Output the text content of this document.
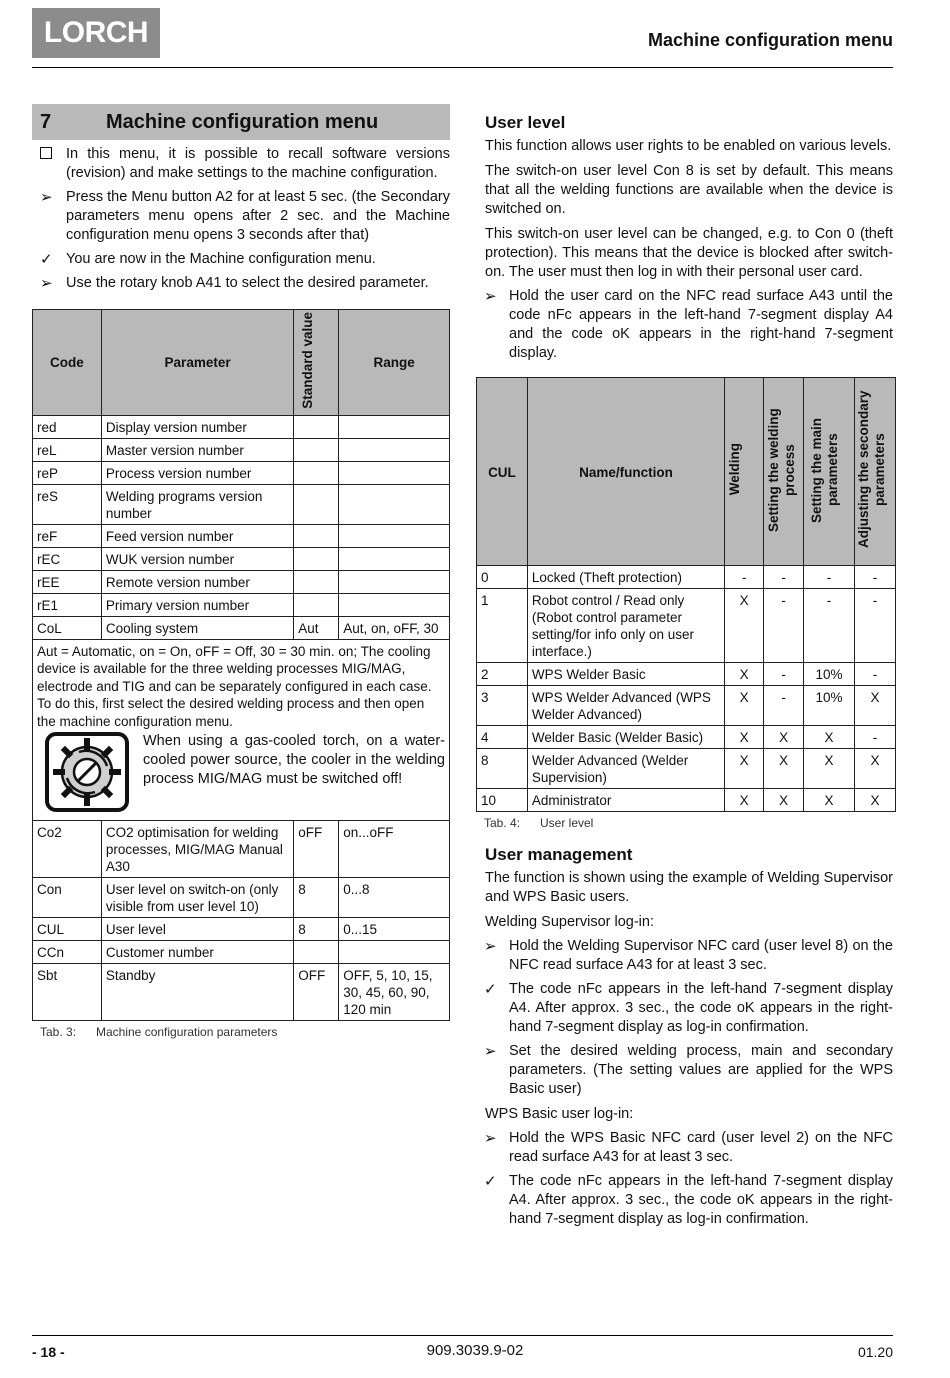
LORCH	Machine configuration menu
7	Machine configuration menu
In this menu, it is possible to recall software versions (revision) and make settings to the machine configuration.
➢ Press the Menu button A2 for at least 5 sec. (the Secondary parameters menu opens after 2 sec. and the Machine configuration menu opens 3 seconds after that)
✓ You are now in the Machine configuration menu.
➢ Use the rotary knob A41 to select the desired parameter.
Code	Parameter	Standard value	Range
red	Display version number		
reL	Master version number		
reP	Process version number		
reS	Welding programs version number		
reF	Feed version number		
rEC	WUK version number		
rEE	Remote version number		
rE1	Primary version number		
CoL	Cooling system	Aut	Aut, on, oFF, 30

Aut = Automatic, on = On, oFF = Off, 30 = 30 min. on; The cooling device is available for the three welding processes MIG/MAG, electrode and TIG and can be separately configured in each case. To do this, first select the desired welding process and then open the machine configuration menu.
When using a gas-cooled torch, on a water-cooled power source, the cooler in the welding process MIG/MAG must be switched off!			

Co2	CO2 optimisation for welding processes, MIG/MAG Manual A30	oFF	on...oFF
Con	User level on switch-on (only visible from user level 10)	8	0...8
CUL	User level	8	0...15
CCn	Customer number		
Sbt	Standby	OFF	OFF, 5, 10, 15, 30, 45, 60, 90, 120 min
Tab. 3:	Machine configuration parameters
User level
This function allows user rights to be enabled on various levels.
The switch-on user level Con 8 is set by default. This means that all the welding functions are available when the device is switched on.
This switch-on user level can be changed, e.g. to Con 0 (theft protection). This means that the device is blocked after switch-on. The user must then log in with their personal user card.
➢ Hold the user card on the NFC read surface A43 until the code nFc appears in the left-hand 7-segment display A4 and the code oK appears in the right-hand 7-segment display.
CUL	Name/function	Welding	Setting the welding process	Setting the main parameters	Adjusting the secondary parameters
0	Locked (Theft protection)	-	-	-	-
1	Robot control / Read only (Robot control parameter setting/for info only on user interface.)	X	-	-	-
2	WPS Welder Basic	X	-	10%	-
3	WPS Welder Advanced (WPS Welder Advanced)	X	-	10%	X
4	Welder Basic (Welder Basic)	X	X	X	-
8	Welder Advanced (Welder Supervision)	X	X	X	X
10	Administrator	X	X	X	X
Tab. 4:	User level
User management
The function is shown using the example of Welding Supervisor and WPS Basic users.
Welding Supervisor log-in:
➢ Hold the Welding Supervisor NFC card (user level 8) on the NFC read surface A43 for at least 3 sec.
✓ The code nFc appears in the left-hand 7-segment display A4. After approx. 3 sec., the code oK appears in the right-hand 7-segment display as log-in confirmation.
➢ Set the desired welding process, main and secondary parameters. (The setting values are applied for the WPS Basic user)
WPS Basic user log-in:
➢ Hold the WPS Basic NFC card (user level 2) on the NFC read surface A43 for at least 3 sec.
✓ The code nFc appears in the left-hand 7-segment display A4. After approx. 3 sec., the code oK appears in the right-hand 7-segment display as log-in confirmation.
- 18 -	909.3039.9-02	01.20
